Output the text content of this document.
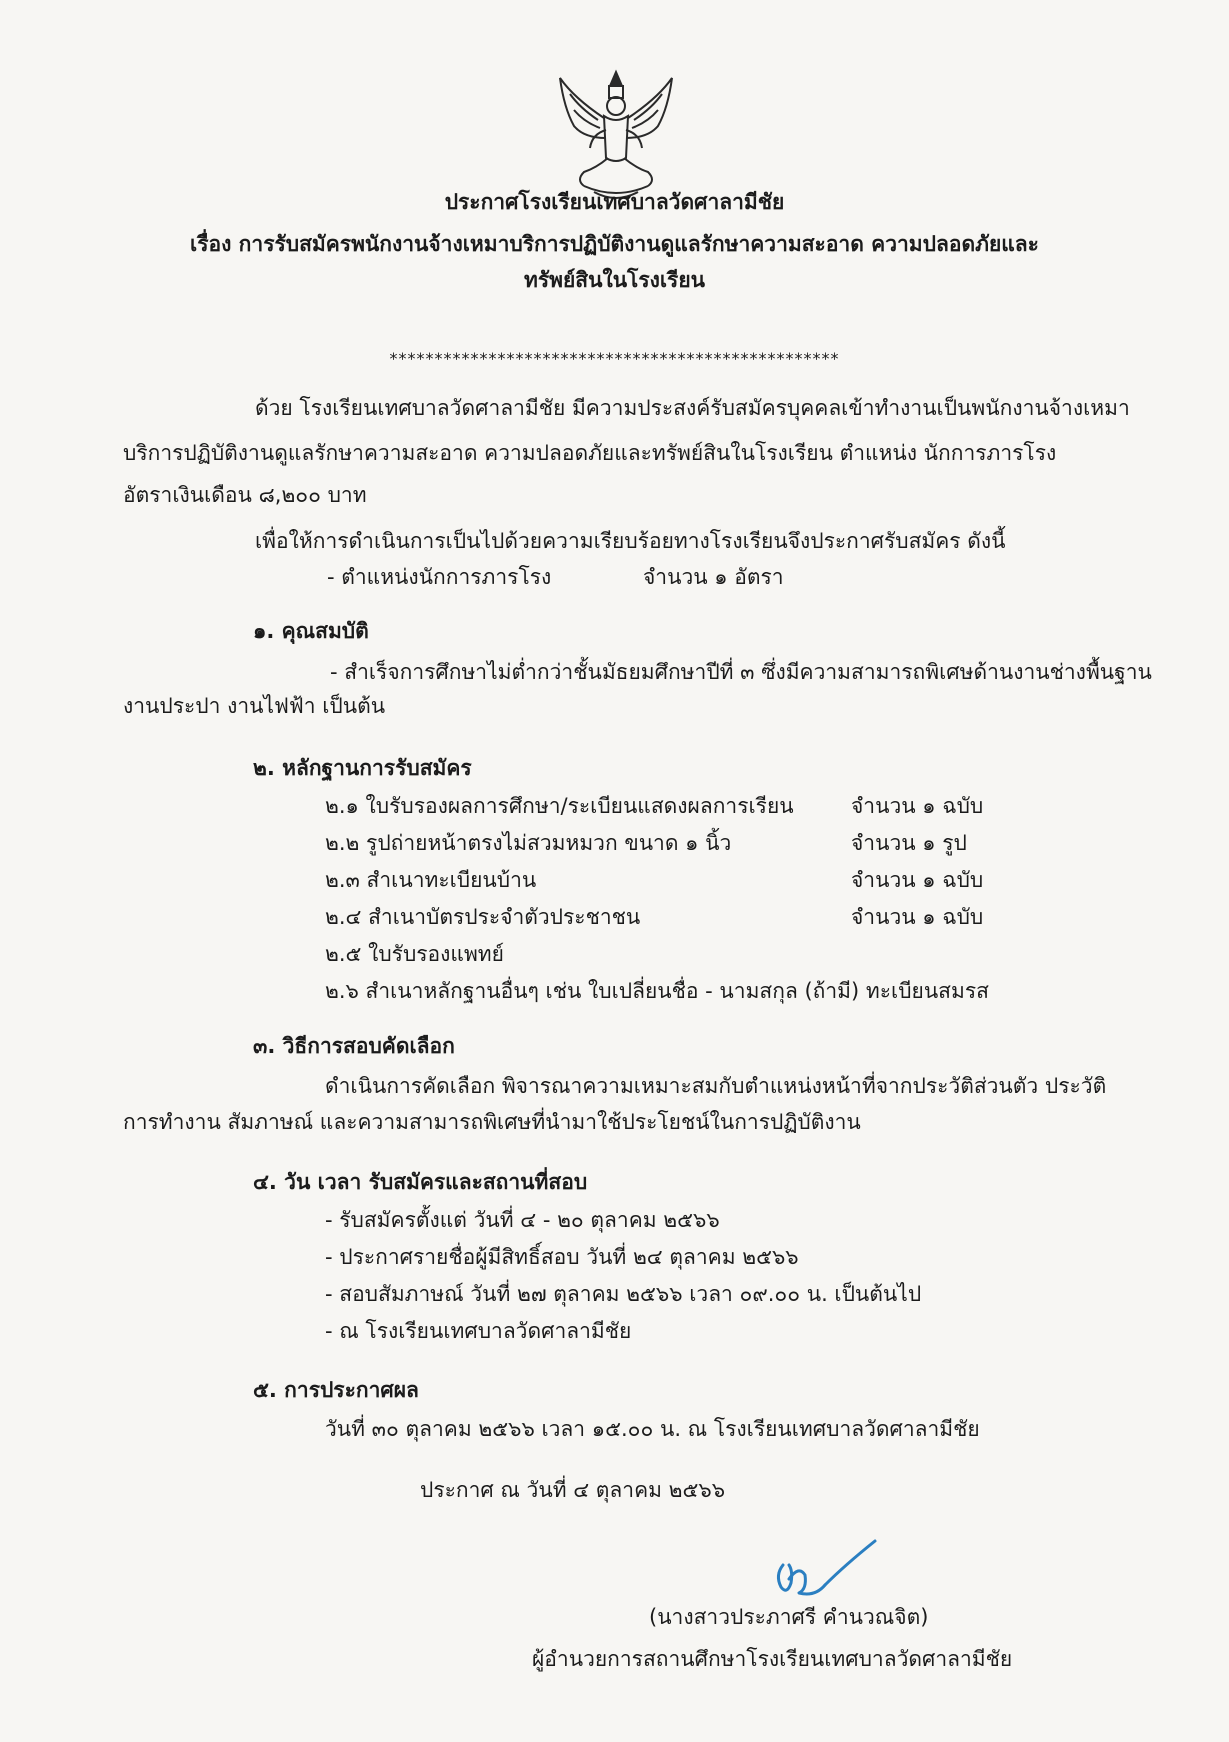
ประกาศโรงเรียนเทศบาลวัดศาลามีชัย
เรื่อง การรับสมัครพนักงานจ้างเหมาบริการปฏิบัติงานดูแลรักษาความสะอาด ความปลอดภัยและ
ทรัพย์สินในโรงเรียน
**************************************************
ด้วย โรงเรียนเทศบาลวัดศาลามีชัย มีความประสงค์รับสมัครบุคคลเข้าทำงานเป็นพนักงานจ้างเหมา
บริการปฏิบัติงานดูแลรักษาความสะอาด ความปลอดภัยและทรัพย์สินในโรงเรียน ตำแหน่ง นักการภารโรง
อัตราเงินเดือน ๘,๒๐๐ บาท
เพื่อให้การดำเนินการเป็นไปด้วยความเรียบร้อยทางโรงเรียนจึงประกาศรับสมัคร ดังนี้
- ตำแหน่งนักการภารโรง	จำนวน ๑ อัตรา
๑. คุณสมบัติ
- สำเร็จการศึกษาไม่ต่ำกว่าชั้นมัธยมศึกษาปีที่ ๓ ซึ่งมีความสามารถพิเศษด้านงานช่างพื้นฐาน
งานประปา งานไฟฟ้า เป็นต้น
๒. หลักฐานการรับสมัคร
๒.๑ ใบรับรองผลการศึกษา/ระเบียนแสดงผลการเรียน	จำนวน ๑ ฉบับ
๒.๒ รูปถ่ายหน้าตรงไม่สวมหมวก ขนาด ๑ นิ้ว	จำนวน ๑ รูป
๒.๓ สำเนาทะเบียนบ้าน	จำนวน ๑ ฉบับ
๒.๔ สำเนาบัตรประจำตัวประชาชน	จำนวน ๑ ฉบับ
๒.๕ ใบรับรองแพทย์
๒.๖ สำเนาหลักฐานอื่นๆ เช่น ใบเปลี่ยนชื่อ - นามสกุล (ถ้ามี) ทะเบียนสมรส
๓. วิธีการสอบคัดเลือก
ดำเนินการคัดเลือก พิจารณาความเหมาะสมกับตำแหน่งหน้าที่จากประวัติส่วนตัว ประวัติ
การทำงาน สัมภาษณ์ และความสามารถพิเศษที่นำมาใช้ประโยชน์ในการปฏิบัติงาน
๔. วัน เวลา รับสมัครและสถานที่สอบ
- รับสมัครตั้งแต่ วันที่ ๔ - ๒๐ ตุลาคม ๒๕๖๖
- ประกาศรายชื่อผู้มีสิทธิ์สอบ วันที่ ๒๔ ตุลาคม ๒๕๖๖
- สอบสัมภาษณ์ วันที่ ๒๗ ตุลาคม ๒๕๖๖ เวลา ๐๙.๐๐ น. เป็นต้นไป
- ณ โรงเรียนเทศบาลวัดศาลามีชัย
๕. การประกาศผล
วันที่ ๓๐ ตุลาคม ๒๕๖๖ เวลา ๑๕.๐๐ น. ณ โรงเรียนเทศบาลวัดศาลามีชัย
ประกาศ ณ วันที่ ๔ ตุลาคม ๒๕๖๖
(นางสาวประภาศรี คำนวณจิต)
ผู้อำนวยการสถานศึกษาโรงเรียนเทศบาลวัดศาลามีชัย
